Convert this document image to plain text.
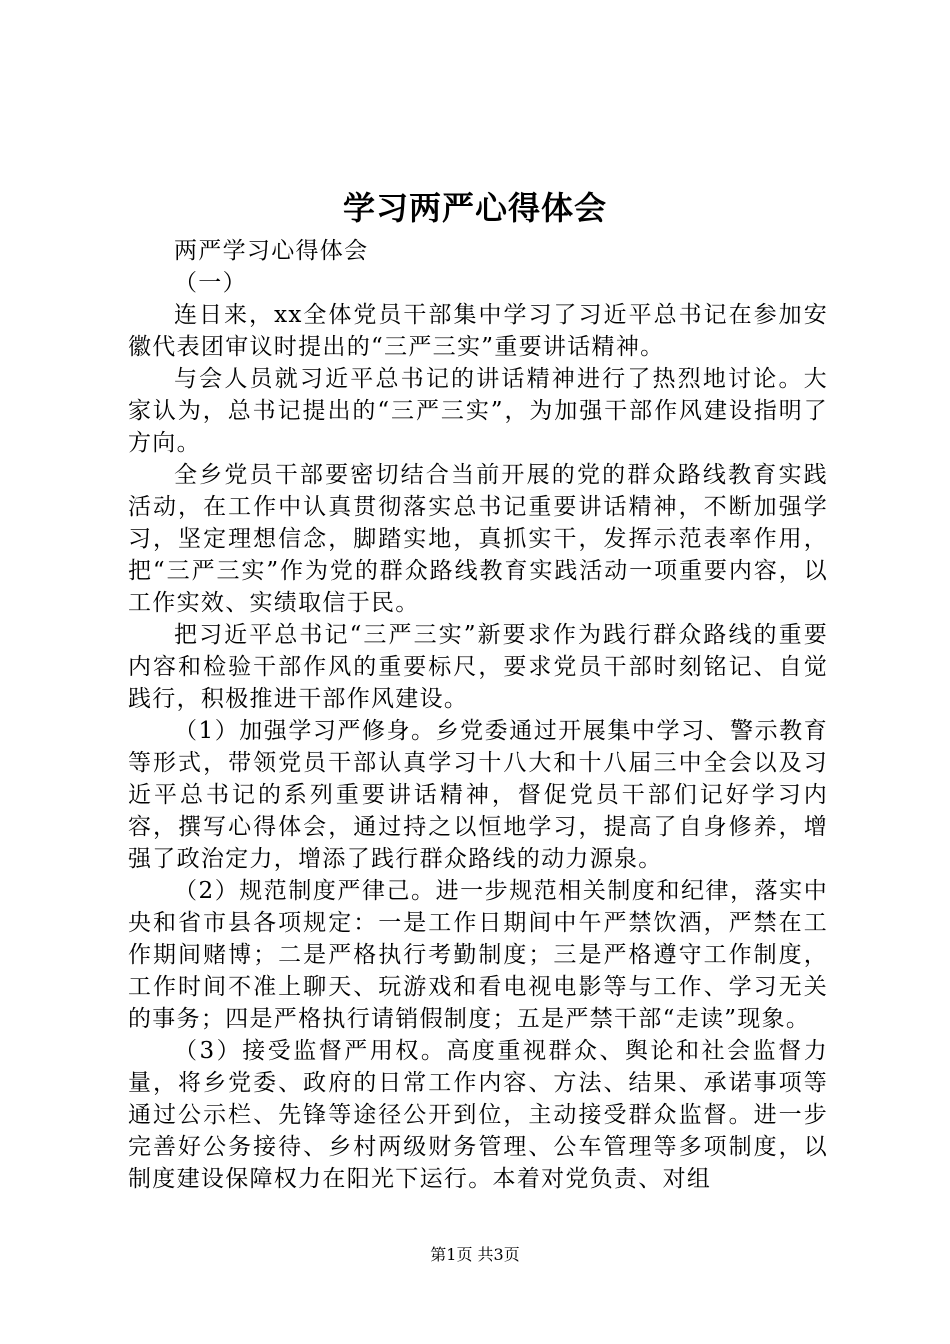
学习两严心得体会

两严学习心得体会

（一）

连日来，xx全体党员干部集中学习了习近平总书记在参加安徽代表团审议时提出的“三严三实”重要讲话精神。

与会人员就习近平总书记的讲话精神进行了热烈地讨论。大家认为，总书记提出的“三严三实”，为加强干部作风建设指明了方向。

全乡党员干部要密切结合当前开展的党的群众路线教育实践活动，在工作中认真贯彻落实总书记重要讲话精神，不断加强学习，坚定理想信念，脚踏实地，真抓实干，发挥示范表率作用，把“三严三实”作为党的群众路线教育实践活动一项重要内容，以工作实效、实绩取信于民。

把习近平总书记“三严三实”新要求作为践行群众路线的重要内容和检验干部作风的重要标尺，要求党员干部时刻铭记、自觉践行，积极推进干部作风建设。

（1）加强学习严修身。乡党委通过开展集中学习、警示教育等形式，带领党员干部认真学习十八大和十八届三中全会以及习近平总书记的系列重要讲话精神，督促党员干部们记好学习内容，撰写心得体会，通过持之以恒地学习，提高了自身修养，增强了政治定力，增添了践行群众路线的动力源泉。

（2）规范制度严律己。进一步规范相关制度和纪律，落实中央和省市县各项规定：一是工作日期间中午严禁饮酒，严禁在工作期间赌博；二是严格执行考勤制度；三是严格遵守工作制度，工作时间不准上聊天、玩游戏和看电视电影等与工作、学习无关的事务；四是严格执行请销假制度；五是严禁干部“走读”现象。

（3）接受监督严用权。高度重视群众、舆论和社会监督力量，将乡党委、政府的日常工作内容、方法、结果、承诺事项等通过公示栏、先锋等途径公开到位，主动接受群众监督。进一步完善好公务接待、乡村两级财务管理、公车管理等多项制度，以制度建设保障权力在阳光下运行。本着对党负责、对组

第1页 共3页
